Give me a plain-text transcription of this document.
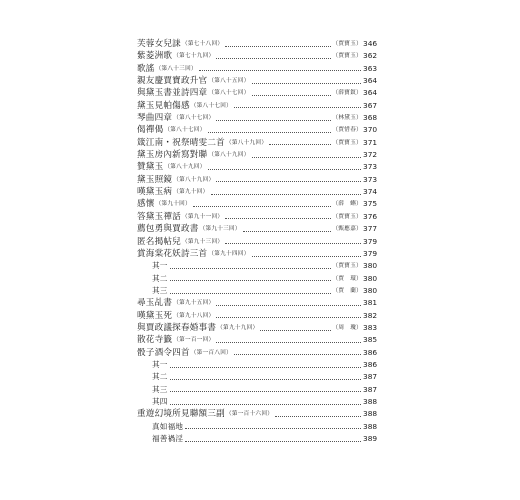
芙蓉女兒誄 （第七十八回）	（賈寶玉） 346
紫菱洲歌 （第七十九回）	（賈寶玉） 362
歌謠 （第八十三回）	363
親友慶賈寶政升官 （第八十五回）	364
與黛玉書並詩四章 （第八十七回）	（薛寶釵） 364
黛玉見帕傷感 （第八十七回）	367
琴曲四章 （第八十七回）	（林黛玉） 368
偈禪偈 （第八十七回）	（賈惜春） 370
箴江南・祝祭晴雯二首 （第八十九回）	（賈寶玉） 371
黛玉房內新寫對聯 （第八十九回）	372
贊黛玉 （第八十九回）	373
黛玉照鏡 （第八十九回）	373
嘆黛玉病 （第九十回）	374
感懷 （第九十回）	（薛　蝌） 375
答黛玉禪話 （第九十一回）	（賈寶玉） 376
薦包勇與賈政書 （第九十三回）	（甄應嘉） 377
匿名揭帖兒 （第九十三回）	379
賞海棠花妖詩三首 （第九十四回）	379
其一	（賈寶玉） 380
其二	（賈　環） 380
其三	（賈　蘭） 380
尋玉乩書 （第九十五回）	381
嘆黛玉死 （第九十八回）	382
與賈政議探春婚事書 （第九十九回）	（周　瓊） 383
散花寺籤 （第一百一回）	385
骰子酒令四首 （第一百八回）	386
其一	386
其二	387
其三	387
其四	388
重遊幻境所見聯額三副 （第一百十六回）	388
真如福地	388
福善禍淫	389
